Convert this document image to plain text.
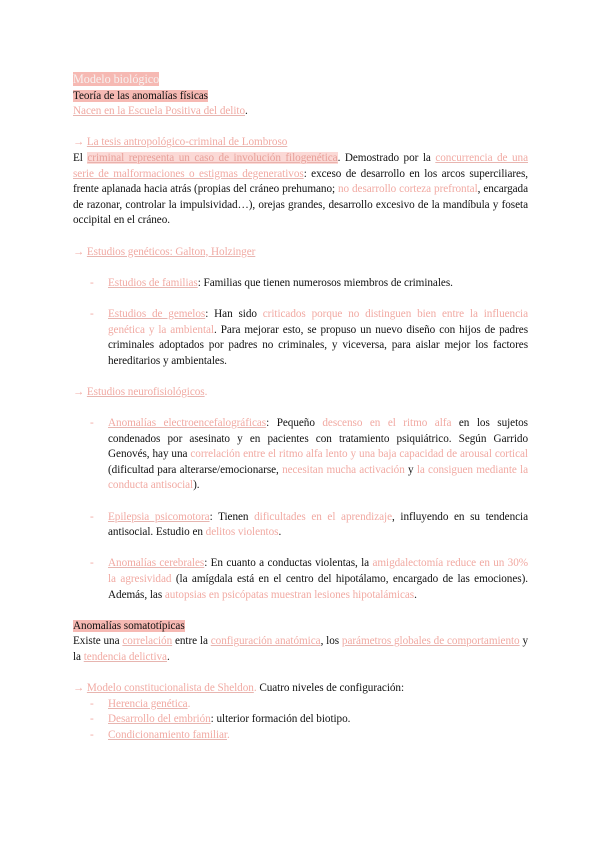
Modelo biológico

Teoría de las anomalías físicas

Nacen en la Escuela Positiva del delito.

→ La tesis antropológico-criminal de Lombroso

El criminal representa un caso de involución filogenética. Demostrado por la concurrencia de una serie de malformaciones o estigmas degenerativos: exceso de desarrollo en los arcos superciliares, frente aplanada hacia atrás (propias del cráneo prehumano; no desarrollo corteza prefrontal, encargada de razonar, controlar la impulsividad…), orejas grandes, desarrollo excesivo de la mandíbula y foseta occipital en el cráneo.

→ Estudios genéticos: Galton, Holzinger

- Estudios de familias: Familias que tienen numerosos miembros de criminales.

- Estudios de gemelos: Han sido criticados porque no distinguen bien entre la influencia genética y la ambiental. Para mejorar esto, se propuso un nuevo diseño con hijos de padres criminales adoptados por padres no criminales, y viceversa, para aislar mejor los factores hereditarios y ambientales.

→ Estudios neurofisiológicos.

- Anomalías electroencefalográficas: Pequeño descenso en el ritmo alfa en los sujetos condenados por asesinato y en pacientes con tratamiento psiquiátrico. Según Garrido Genovés, hay una correlación entre el ritmo alfa lento y una baja capacidad de arousal cortical (dificultad para alterarse/emocionarse, necesitan mucha activación y la consiguen mediante la conducta antisocial).

- Epilepsia psicomotora: Tienen dificultades en el aprendizaje, influyendo en su tendencia antisocial. Estudio en delitos violentos.

- Anomalías cerebrales: En cuanto a conductas violentas, la amigdalectomía reduce en un 30% la agresividad (la amígdala está en el centro del hipotálamo, encargado de las emociones). Además, las autopsias en psicópatas muestran lesiones hipotalámicas.

Anomalías somatotípicas

Existe una correlación entre la configuración anatómica, los parámetros globales de comportamiento y la tendencia delictiva.

→ Modelo constitucionalista de Sheldon. Cuatro niveles de configuración:

- Herencia genética.

- Desarrollo del embrión: ulterior formación del biotipo.

- Condicionamiento familiar.
